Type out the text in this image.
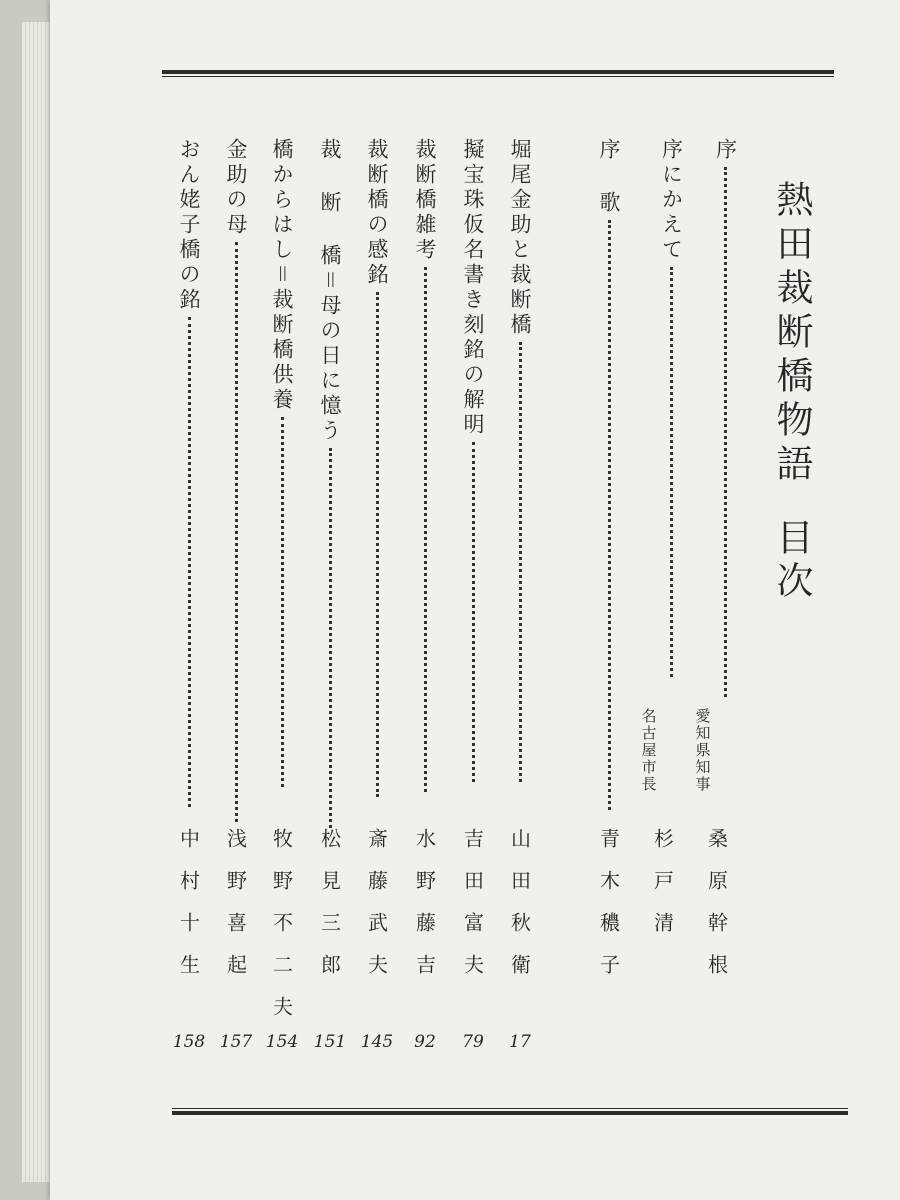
熱田裁断橋物語目次
序
愛知県知事
桑原幹根
序にかえて
名古屋市長
杉戸清
序 歌
青木穠子
堀尾金助と裁断橋
山田秋衛
17
擬宝珠仮名書き刻銘の解明
吉田富夫
79
裁断橋雑考
水野藤吉
92
裁断橋の感銘
斎藤武夫
145
裁 断 橋＝母の日に憶う
松見三郎
151
橋からはし＝裁断橋供養
牧野不二夫
154
金助の母
浅野喜起
157
おん姥子橋の銘
中村十生
158
